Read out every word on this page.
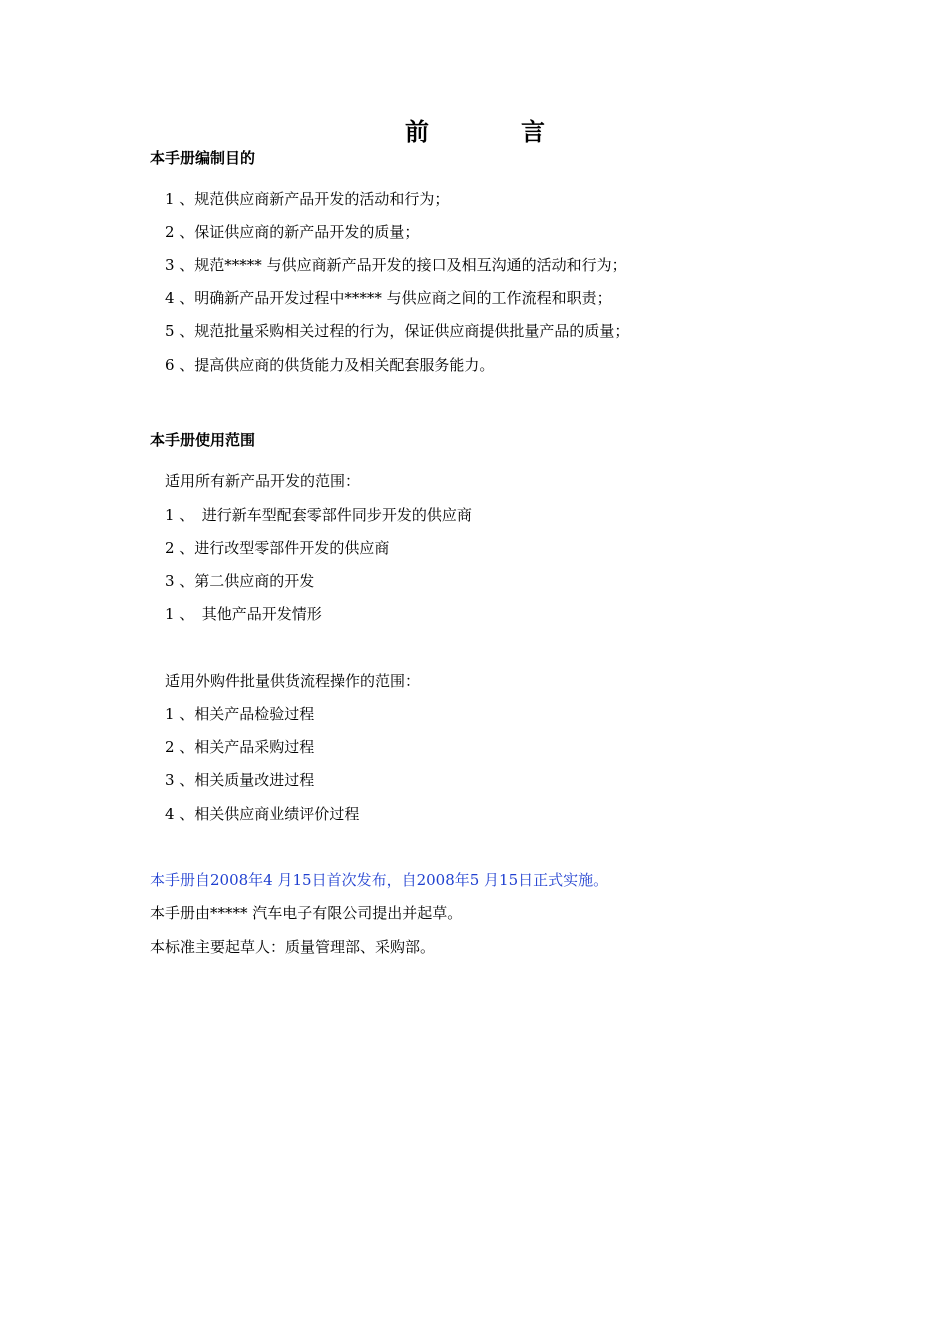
前　言
本手册编制目的
1 、规范供应商新产品开发的活动和行为；
2 、保证供应商的新产品开发的质量；
3 、规范***** 与供应商新产品开发的接口及相互沟通的活动和行为；
4 、明确新产品开发过程中***** 与供应商之间的工作流程和职责；
5 、规范批量采购相关过程的行为，保证供应商提供批量产品的质量；
6 、提高供应商的供货能力及相关配套服务能力。
本手册使用范围
适用所有新产品开发的范围：
1 、　进行新车型配套零部件同步开发的供应商
2 、进行改型零部件开发的供应商
3 、第二供应商的开发
1 、　其他产品开发情形
适用外购件批量供货流程操作的范围：
1 、相关产品检验过程
2 、相关产品采购过程
3 、相关质量改进过程
4 、相关供应商业绩评价过程
本手册自2008年4 月15日首次发布，自2008年5 月15日正式实施。
本手册由***** 汽车电子有限公司提出并起草。
本标准主要起草人：质量管理部、采购部。
